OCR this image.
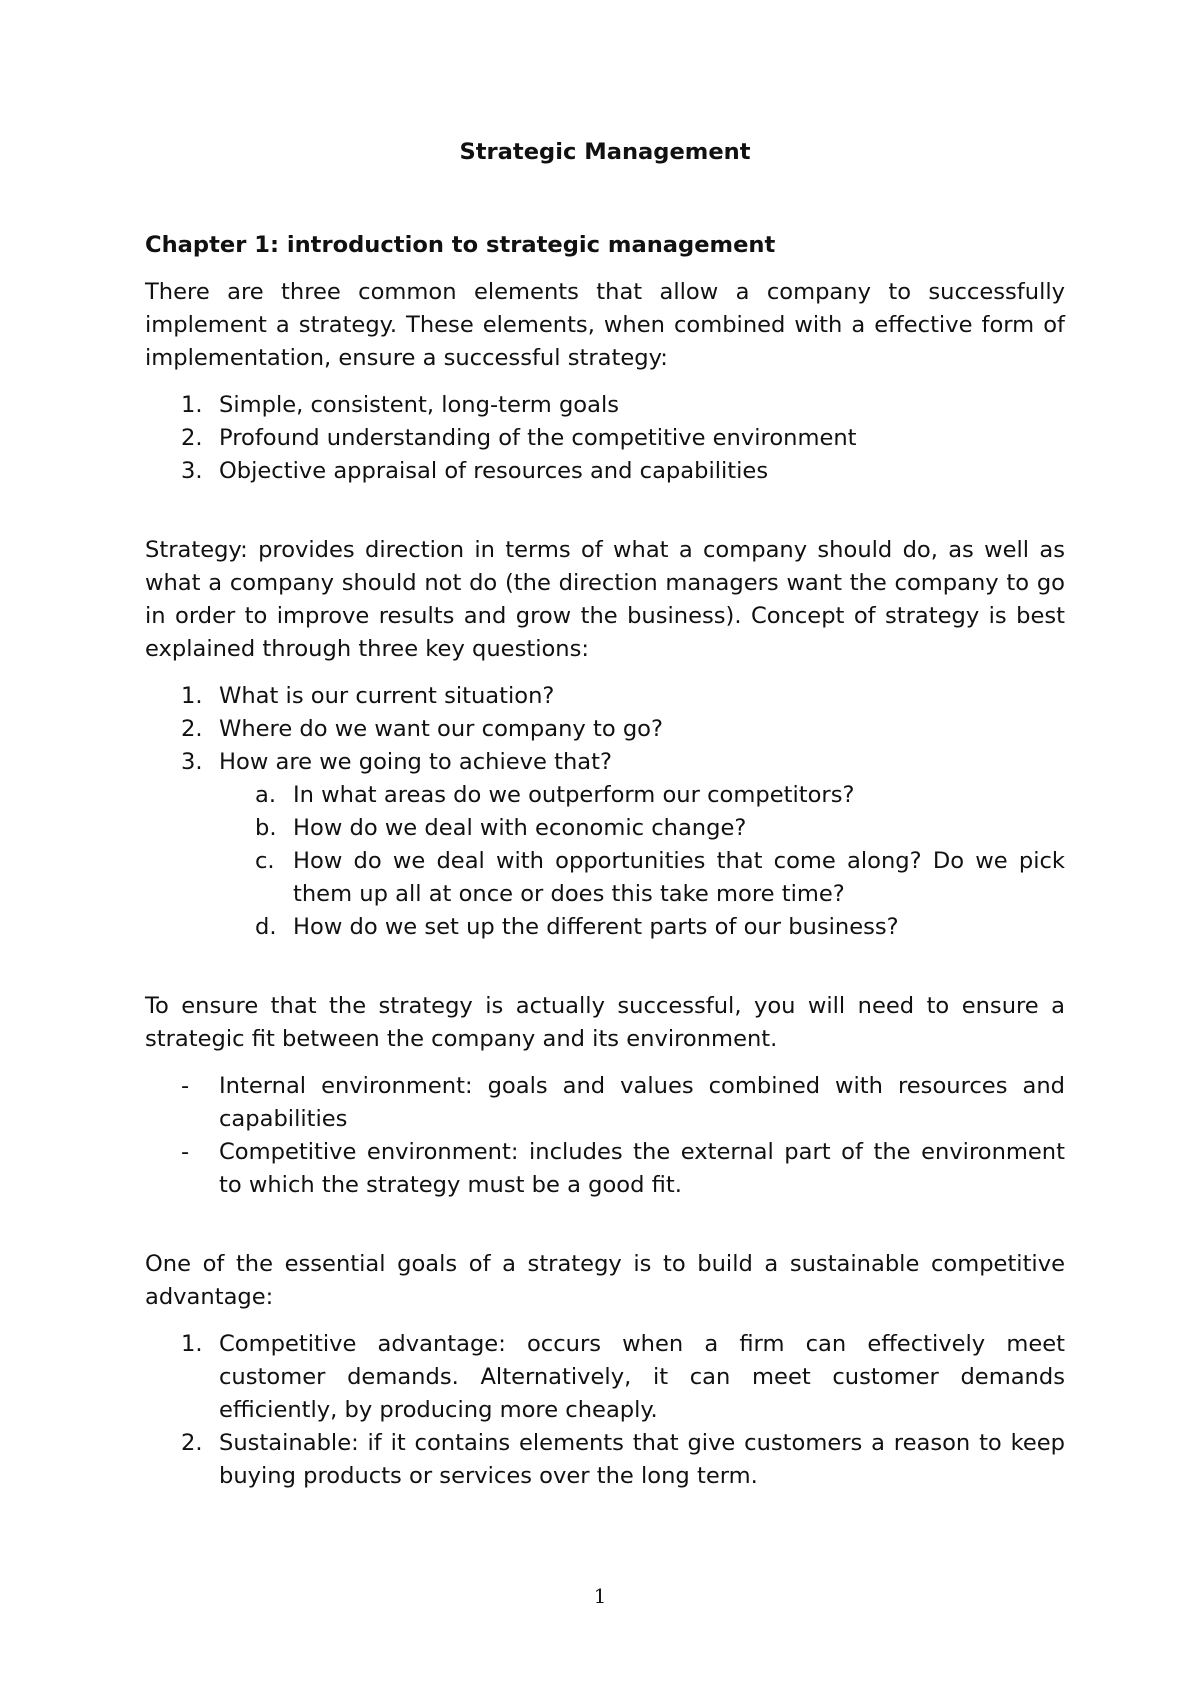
Strategic Management
Chapter 1: introduction to strategic management

There are three common elements that allow a company to successfully implement a strategy. These elements, when combined with a effective form of implementation, ensure a successful strategy:

1. Simple, consistent, long-term goals
2. Profound understanding of the competitive environment
3. Objective appraisal of resources and capabilities

Strategy: provides direction in terms of what a company should do, as well as what a company should not do (the direction managers want the company to go in order to improve results and grow the business). Concept of strategy is best explained through three key questions:

1. What is our current situation?
2. Where do we want our company to go?
3. How are we going to achieve that?
a. In what areas do we outperform our competitors?
b. How do we deal with economic change?
c. How do we deal with opportunities that come along? Do we pick them up all at once or does this take more time?
d. How do we set up the different parts of our business?

To ensure that the strategy is actually successful, you will need to ensure a strategic fit between the company and its environment.

-	Internal environment: goals and values combined with resources and capabilities
-	Competitive environment: includes the external part of the environment to which the strategy must be a good fit.

One of the essential goals of a strategy is to build a sustainable competitive advantage:

1. Competitive advantage: occurs when a firm can effectively meet customer demands. Alternatively, it can meet customer demands efficiently, by producing more cheaply.
2. Sustainable: if it contains elements that give customers a reason to keep buying products or services over the long term.
1
